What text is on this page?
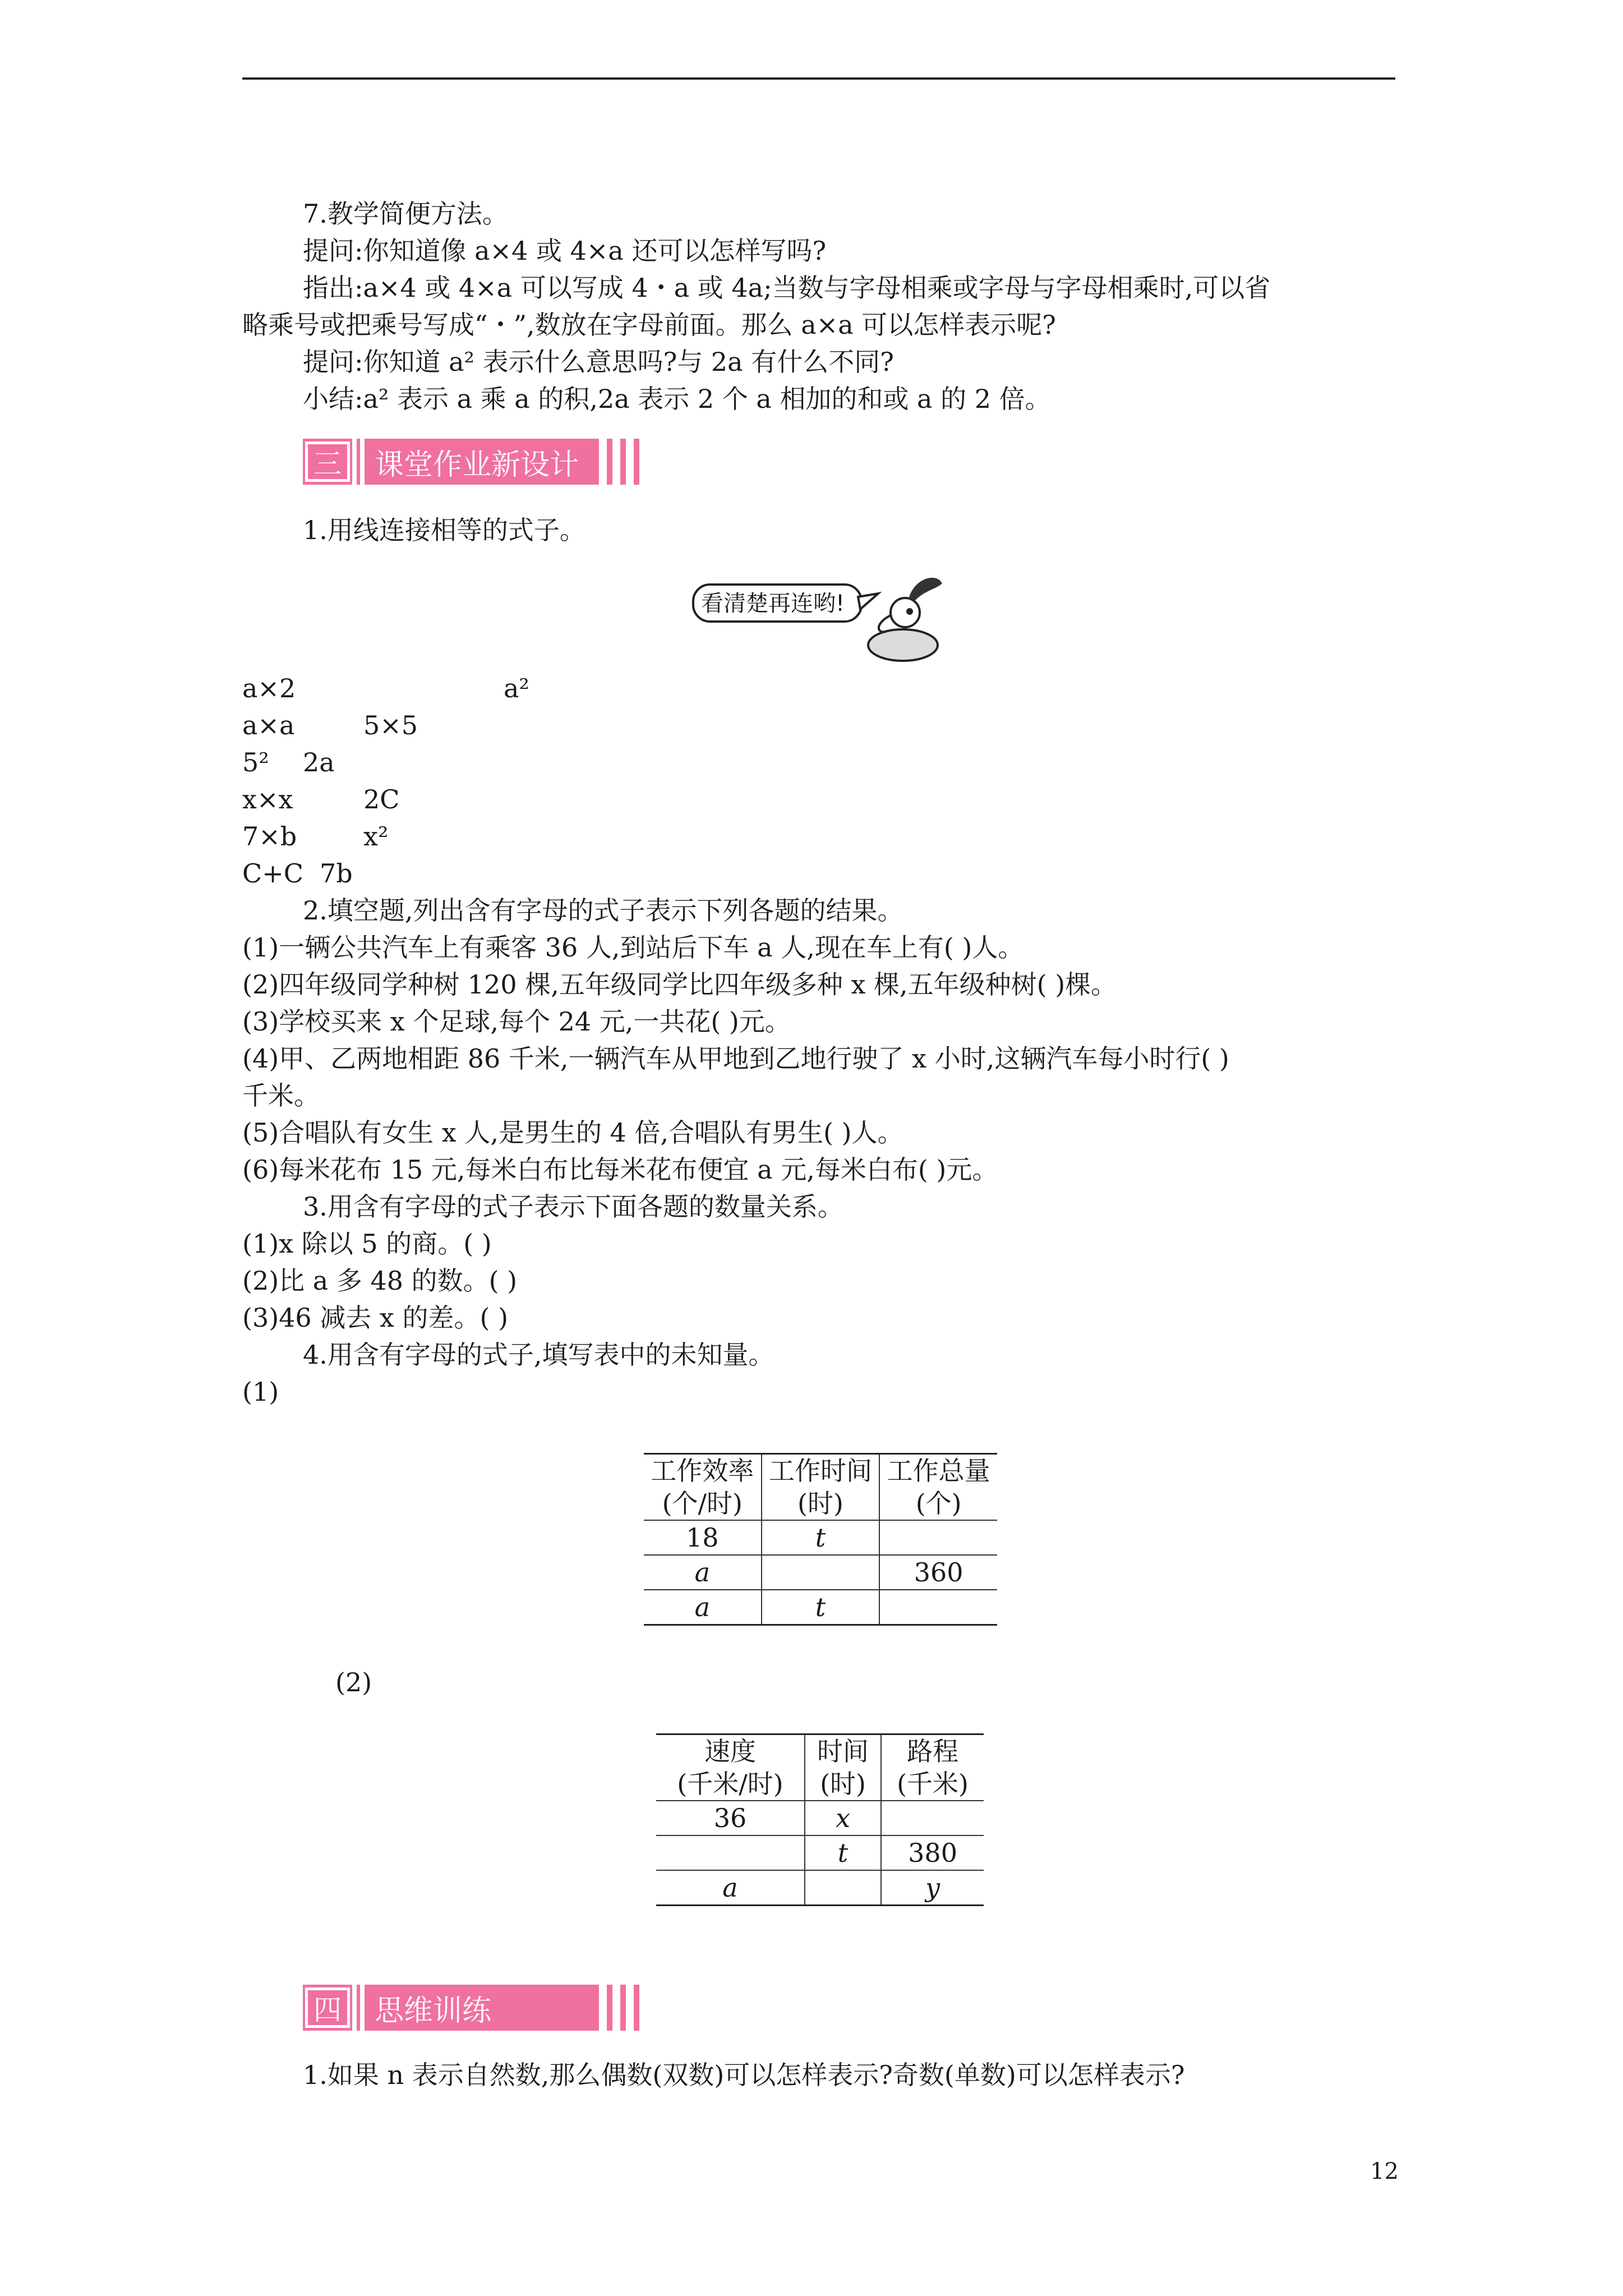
7.教学简便方法。
提问:你知道像 a×4 或 4×a 还可以怎样写吗?
指出:a×4 或 4×a 可以写成 4・a 或 4a;当数与字母相乘或字母与字母相乘时,可以省
略乘号或把乘号写成“・”,数放在字母前面。那么 a×a 可以怎样表示呢?
提问:你知道 a² 表示什么意思吗?与 2a 有什么不同?
小结:a² 表示 a 乘 a 的积,2a 表示 2 个 a 相加的和或 a 的 2 倍。
三	课堂作业新设计
1.用线连接相等的式子。
看清楚再连哟!
a×2	a²
a×a	5×5
5² 2a
x×x	2C
7×b	x²
C+C 7b
2.填空题,列出含有字母的式子表示下列各题的结果。
(1)一辆公共汽车上有乘客 36 人,到站后下车 a 人,现在车上有( )人。
(2)四年级同学种树 120 棵,五年级同学比四年级多种 x 棵,五年级种树( )棵。
(3)学校买来 x 个足球,每个 24 元,一共花( )元。
(4)甲、乙两地相距 86 千米,一辆汽车从甲地到乙地行驶了 x 小时,这辆汽车每小时行( )
千米。
(5)合唱队有女生 x 人,是男生的 4 倍,合唱队有男生( )人。
(6)每米花布 15 元,每米白布比每米花布便宜 a 元,每米白布( )元。
3.用含有字母的式子表示下面各题的数量关系。
(1)x 除以 5 的商。( )
(2)比 a 多 48 的数。( )
(3)46 减去 x 的差。( )
4.用含有字母的式子,填写表中的未知量。
(1)
工作效率	工作时间	工作总量
(个/时)	(时)	(个)
18	t	
a		360
a	t	
(2)
速度	时间	路程
(千米/时)	(时)	(千米)
36	x	
	t	380
a		y
四	思维训练
1.如果 n 表示自然数,那么偶数(双数)可以怎样表示?奇数(单数)可以怎样表示?
12
